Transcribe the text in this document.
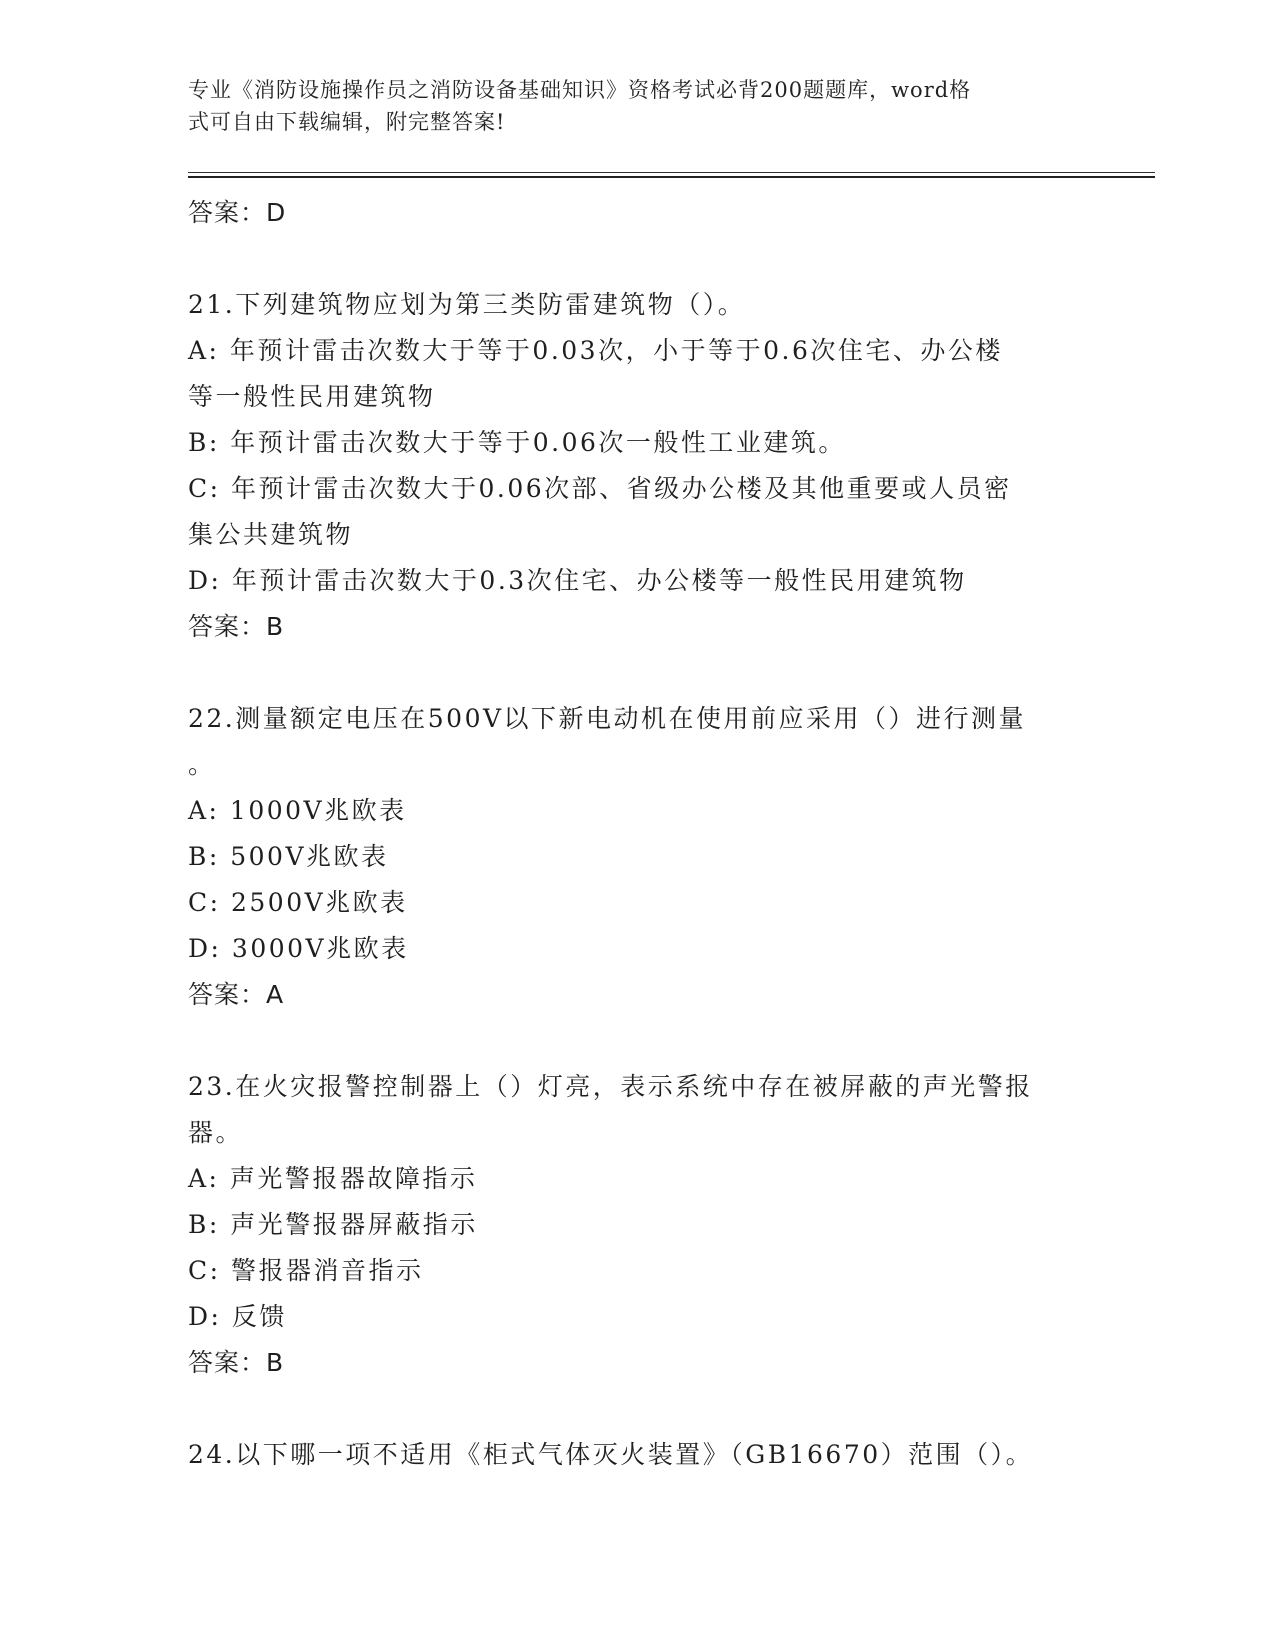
专业《消防设施操作员之消防设备基础知识》资格考试必背200题题库，word格
式可自由下载编辑，附完整答案!
答案：D
21.下列建筑物应划为第三类防雷建筑物（）。
A: 年预计雷击次数大于等于0.03次，小于等于0.6次住宅、办公楼
等一般性民用建筑物
B: 年预计雷击次数大于等于0.06次一般性工业建筑。
C: 年预计雷击次数大于0.06次部、省级办公楼及其他重要或人员密
集公共建筑物
D: 年预计雷击次数大于0.3次住宅、办公楼等一般性民用建筑物
答案：B
22.测量额定电压在500V以下新电动机在使用前应采用（）进行测量
。
A: 1000V兆欧表
B: 500V兆欧表
C: 2500V兆欧表
D: 3000V兆欧表
答案：A
23.在火灾报警控制器上（）灯亮，表示系统中存在被屏蔽的声光警报
器。
A: 声光警报器故障指示
B: 声光警报器屏蔽指示
C: 警报器消音指示
D: 反馈
答案：B
24.以下哪一项不适用《柜式气体灭火装置》（GB16670）范围（）。
